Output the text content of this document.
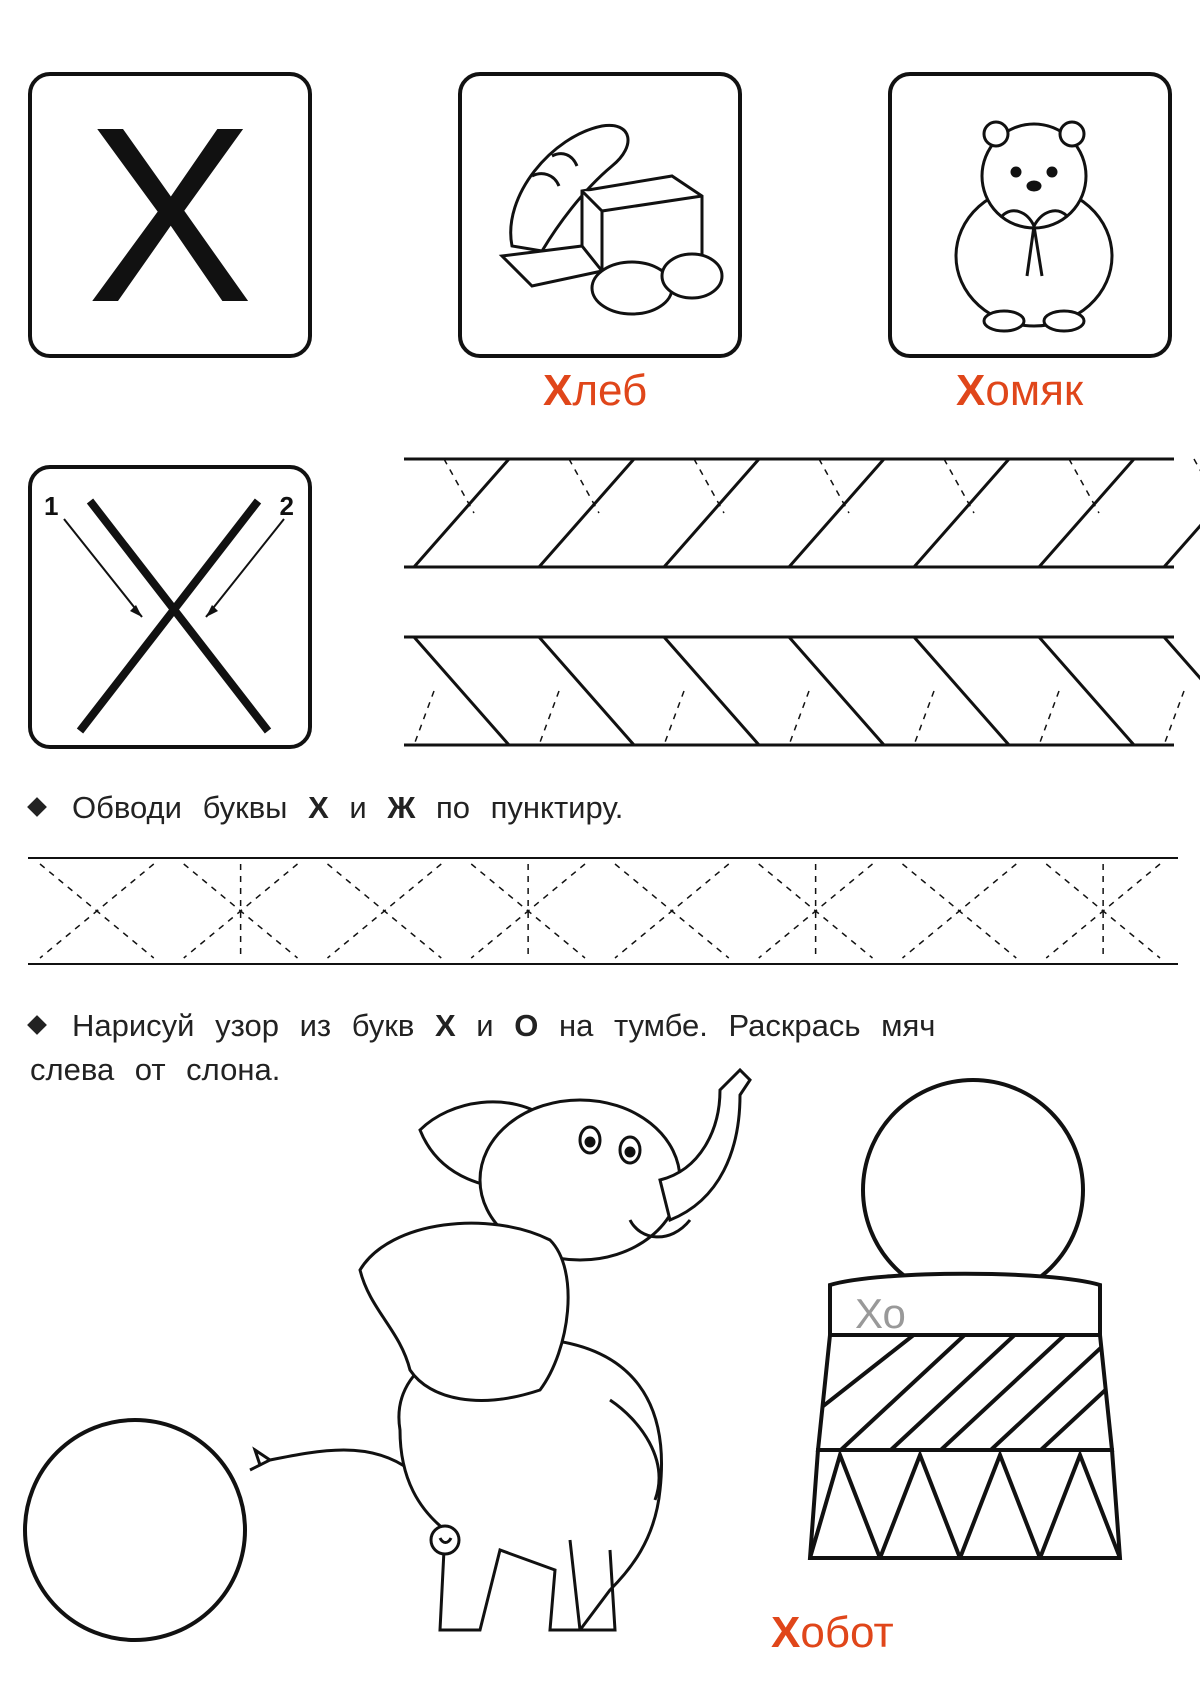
Х
Хлеб	Хомяк
1	2
Обводи буквы Х и Ж по пунктиру.
Нарисуй узор из букв Х и О на тумбе. Раскрась мяч
слева от слона.
Хо
Хобот
